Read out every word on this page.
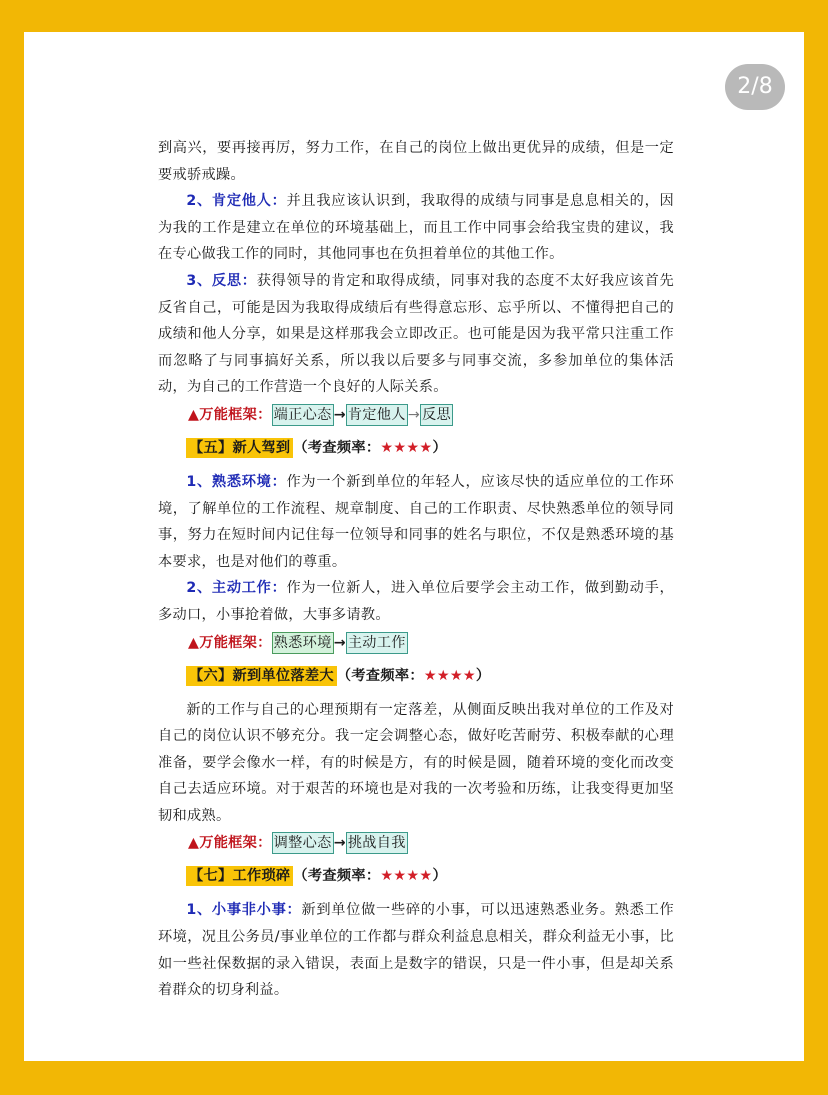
2/8

到高兴，要再接再厉，努力工作，在自己的岗位上做出更优异的成绩，但是一定要戒骄戒躁。

2、肯定他人：并且我应该认识到，我取得的成绩与同事是息息相关的，因为我的工作是建立在单位的环境基础上，而且工作中同事会给我宝贵的建议，我在专心做我工作的同时，其他同事也在负担着单位的其他工作。

3、反思：获得领导的肯定和取得成绩，同事对我的态度不太好我应该首先反省自己，可能是因为我取得成绩后有些得意忘形、忘乎所以、不懂得把自己的成绩和他人分享，如果是这样那我会立即改正。也可能是因为我平常只注重工作而忽略了与同事搞好关系，所以我以后要多与同事交流，多参加单位的集体活动，为自己的工作营造一个良好的人际关系。

▲万能框架： 端正心态 → 肯定他人 → 反思
【五】新人驾到 （考查频率：★★★★）

1、熟悉环境：作为一个新到单位的年轻人，应该尽快的适应单位的工作环境，了解单位的工作流程、规章制度、自己的工作职责、尽快熟悉单位的领导同事，努力在短时间内记住每一位领导和同事的姓名与职位，不仅是熟悉环境的基本要求，也是对他们的尊重。

2、主动工作：作为一位新人，进入单位后要学会主动工作，做到勤动手，多动口，小事抢着做，大事多请教。

▲万能框架： 熟悉环境 → 主动工作
【六】新到单位落差大 （考查频率：★★★★）

新的工作与自己的心理预期有一定落差，从侧面反映出我对单位的工作及对自己的岗位认识不够充分。我一定会调整心态，做好吃苦耐劳、积极奉献的心理准备，要学会像水一样，有的时候是方，有的时候是圆，随着环境的变化而改变自己去适应环境。对于艰苦的环境也是对我的一次考验和历练，让我变得更加坚韧和成熟。

▲万能框架： 调整心态 → 挑战自我
【七】工作琐碎 （考查频率：★★★★）

1、小事非小事：新到单位做一些碎的小事，可以迅速熟悉业务。熟悉工作环境，况且公务员/事业单位的工作都与群众利益息息相关，群众利益无小事，比如一些社保数据的录入错误，表面上是数字的错误，只是一件小事，但是却关系着群众的切身利益。
